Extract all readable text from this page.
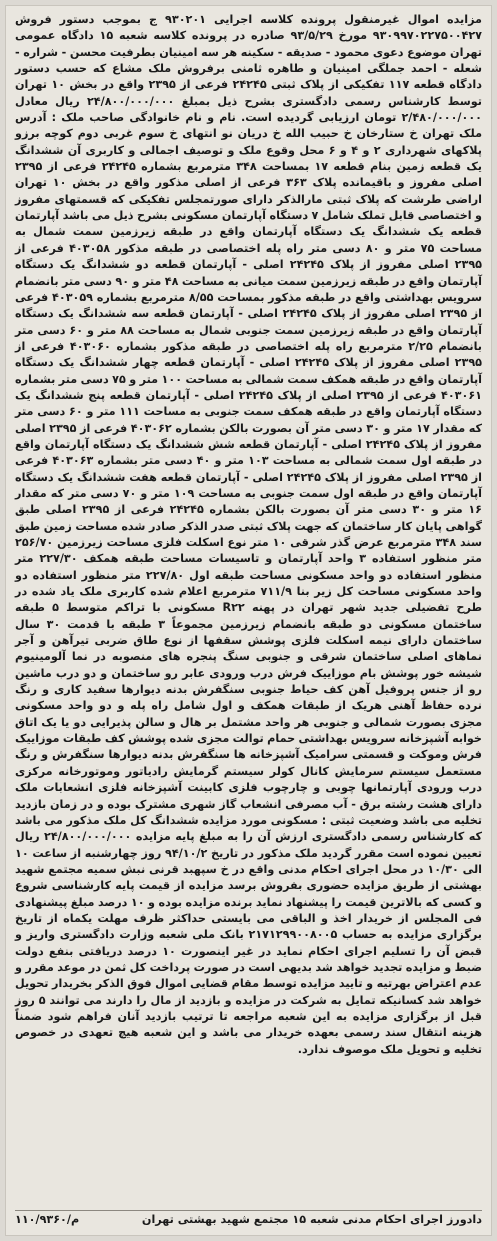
مزایده اموال غیرمنقول پرونده کلاسه اجرایی ۹۳۰۲۰۱ ج بموجب دستور فروش ۹۳۰۹۹۷۰۲۲۷۵۰۰۴۲۷ مورخ ۹۳/۵/۲۹ صادره در پرونده کلاسه شعبه ۱۵ دادگاه عمومی تهران موضوع دعوی محمود - صدیقه - سکینه هر سه امینیان بطرفیت محسن - شراره - شعله - احمد جملگی امینیان و طاهره ثامنی برفروش ملک مشاع که حسب دستور دادگاه قطعه ۱۱۷ تفکیکی از پلاک ثبتی ۲۴۲۴۵ فرعی از ۲۳۹۵ واقع در بخش ۱۰ تهران توسط کارشناس رسمی دادگستری بشرح ذیل بمبلغ ۲۴/۸۰۰/۰۰۰/۰۰۰ ریال معادل ۲/۴۸۰/۰۰۰/۰۰۰ تومان ارزیابی گردیده است. نام و نام خانوادگی صاحب ملک : آدرس ملک تهران خ ستارخان خ حبیب الله خ دریان نو انتهای خ سوم غربی دوم کوچه برزو پلاکهای شهرداری ۲ و ۴ و ۶ محل وقوع ملک و توصیف اجمالی و کاربری آن ششدانگ یک قطعه زمین بنام قطعه ۱۷ بمساحت ۳۴۸ مترمربع بشماره ۲۴۲۴۵ فرعی از ۲۳۹۵ اصلی مفروز و باقیمانده پلاک ۳۶۳ فرعی از اصلی مذکور واقع در بخش ۱۰ تهران اراضی طرشت که پلاک ثبتی مارالذکر دارای صورتمجلس تفکیکی که قسمتهای مفروز و اختصاصی قابل تملک شامل ۷ دستگاه آپارتمان مسکونی بشرح ذیل می باشد آپارتمان قطعه یک ششدانگ یک دستگاه آپارتمان واقع در طبقه زیرزمین سمت شمال به مساحت ۷۵ متر و ۸۰ دسی متر راه پله اختصاصی در طبقه مذکور ۴۰۳۰۵۸ فرعی از ۲۳۹۵ اصلی مفروز از پلاک ۲۴۲۴۵ اصلی - آپارتمان قطعه دو ششدانگ یک دستگاه آپارتمان واقع در طبقه زیرزمین سمت میانی به مساحت ۴۸ متر و ۹۰ دسی متر بانضمام سرویس بهداشتی واقع در طبقه مذکور بمساحت ۸/۵۵ مترمربع بشماره ۴۰۳۰۵۹ فرعی از ۲۳۹۵ اصلی مفروز از پلاک ۲۴۲۴۵ اصلی - آپارتمان قطعه سه ششدانگ یک دستگاه آپارتمان واقع در طبقه زیرزمین سمت جنوبی شمال به مساحت ۸۸ متر و ۶۰ دسی متر بانضمام ۲/۲۵ مترمربع راه پله اختصاصی در طبقه مذکور بشماره ۴۰۳۰۶۰ فرعی از ۲۳۹۵ اصلی مفروز از پلاک ۲۴۲۴۵ اصلی - آپارتمان قطعه چهار ششدانگ یک دستگاه آپارتمان واقع در طبقه همکف سمت شمالی به مساحت ۱۰۰ متر و ۷۵ دسی متر بشماره ۴۰۳۰۶۱ فرعی از ۲۳۹۵ اصلی از پلاک ۲۴۲۴۵ اصلی - آپارتمان قطعه پنج ششدانگ یک دستگاه آپارتمان واقع در طبقه همکف سمت جنوبی به مساحت ۱۱۱ متر و ۶۰ دسی متر که مقدار ۱۷ متر و ۳۰ دسی متر آن بصورت بالکن بشماره ۴۰۳۰۶۲ فرعی از ۲۳۹۵ اصلی مفروز از پلاک ۲۴۲۴۵ اصلی - آپارتمان قطعه شش ششدانگ یک دستگاه آپارتمان واقع در طبقه اول سمت شمالی به مساحت ۱۰۳ متر و ۴۰ دسی متر بشماره ۴۰۳۰۶۳ فرعی از ۲۳۹۵ اصلی مفروز از پلاک ۲۴۲۴۵ اصلی - آپارتمان قطعه هفت ششدانگ یک دستگاه آپارتمان واقع در طبقه اول سمت جنوبی به مساحت ۱۰۹ متر و ۷۰ دسی متر که مقدار ۱۶ متر و ۳۰ دسی متر آن بصورت بالکن بشماره ۲۴۲۴۵ فرعی از ۲۳۹۵ اصلی طبق گواهی پایان کار ساختمان که جهت پلاک ثبتی صدر الذکر صادر شده مساحت زمین طبق سند ۳۴۸ مترمربع عرض گذر شرقی ۱۰ متر نوع اسکلت فلزی مساحت زیرزمین ۲۵۶/۷۰ متر منظور استفاده ۳ واحد آپارتمان و تاسیسات مساحت طبقه همکف ۲۲۷/۳۰ متر منظور استفاده دو واحد مسکونی مساحت طبقه اول ۲۲۷/۸۰ متر منظور استفاده دو واحد مسکونی مساحت کل زیر بنا ۷۱۱/۹ مترمربع اعلام شده کاربری ملک یاد شده در طرح تفضیلی جدید شهر تهران در پهنه R۲۲ مسکونی با تراکم متوسط ۵ طبقه ساختمان مسکونی دو طبقه بانضمام زیرزمین مجموعاً ۳ طبقه با قدمت ۳۰ سال ساختمان دارای نیمه اسکلت فلزی پوشش سقفها از نوع طاق ضربی تیرآهن و آجر نماهای اصلی ساختمان شرقی و جنوبی سنگ پنجره های منصوبه در نما آلومینیوم شیشه خور پوشش بام موزاییک فرش درب ورودی عابر رو ساختمان و دو درب ماشین رو از جنس پروفیل آهن کف حیاط جنوبی سنگفرش بدنه دیوارها سفید کاری و رنگ نرده حفاظ آهنی هریک از طبقات همکف و اول شامل راه پله و دو واحد مسکونی مجزی بصورت شمالی و جنوبی هر واحد مشتمل بر هال و سالن پذیرایی دو یا یک اتاق خوابه آشپزخانه سرویس بهداشتی حمام توالت مجزی شده پوشش کف طبقات موزاییک فرش وموکت و قسمتی سرامیک آشپزخانه ها سنگفرش بدنه دیوارها سنگفرش و رنگ مستعمل سیستم سرمایش کانال کولر سیستم گرمایش رادیاتور وموتورخانه مرکزی درب ورودی آپارتمانها چوبی و چارچوب فلزی کابینت آشپزخانه فلزی انشعابات ملک دارای هشت رشته برق - آب مصرفی انشعاب گاز شهری مشترک بوده و در زمان بازدید تخلیه می باشد وضعیت ثبتی : مسکونی مورد مزایده ششدانگ کل ملک مذکور می باشد که کارشناس رسمی دادگستری ارزش آن را به مبلغ پایه مزایده ۲۴/۸۰۰/۰۰۰/۰۰۰ ریال تعیین نموده است مقرر گردید ملک مذکور در تاریخ ۹۴/۱۰/۲ روز چهارشنبه از ساعت ۱۰ الی ۱۰/۳۰ در محل اجرای احکام مدنی واقع در خ سپهبد قرنی نبش سمیه مجتمع شهید بهشتی از طریق مزایده حضوری بفروش برسد مزایده از قیمت پایه کارشناسی شروع و کسی که بالاترین قیمت را پیشنهاد نماید برنده مزایده بوده و ۱۰ درصد مبلغ پیشنهادی فی المجلس از خریدار اخذ و الباقی می بایستی حداکثر ظرف مهلت یکماه از تاریخ برگزاری مزایده به حساب ۲۱۷۱۲۹۹۰۰۸۰۰۵ بانک ملی شعبه وزارت دادگستری واریز و قبض آن را تسلیم اجرای احکام نماید در غیر اینصورت ۱۰ درصد دریافتی بنفع دولت ضبط و مزایده تجدید خواهد شد بدیهی است در صورت پرداخت کل ثمن در موعد مقرر و عدم اعتراض بهرتیه و تایید مزایده توسط مقام قضایی اموال فوق الذکر بخریدار تحویل خواهد شد کسانیکه تمایل به شرکت در مزایده و بازدید از مال را دارند می توانند ۵ روز قبل از برگزاری مزایده به این شعبه مراجعه تا ترتیب بازدید آنان فراهم شود ضمناً هزینه انتقال سند رسمی بعهده خریدار می باشد و این شعبه هیچ تعهدی در خصوص تخلیه و تحویل ملک موصوف ندارد.

دادورز اجرای احکام مدنی شعبه ۱۵ مجتمع شهید بهشتی تهران
۱۱۰/۹۳۶۰/م
